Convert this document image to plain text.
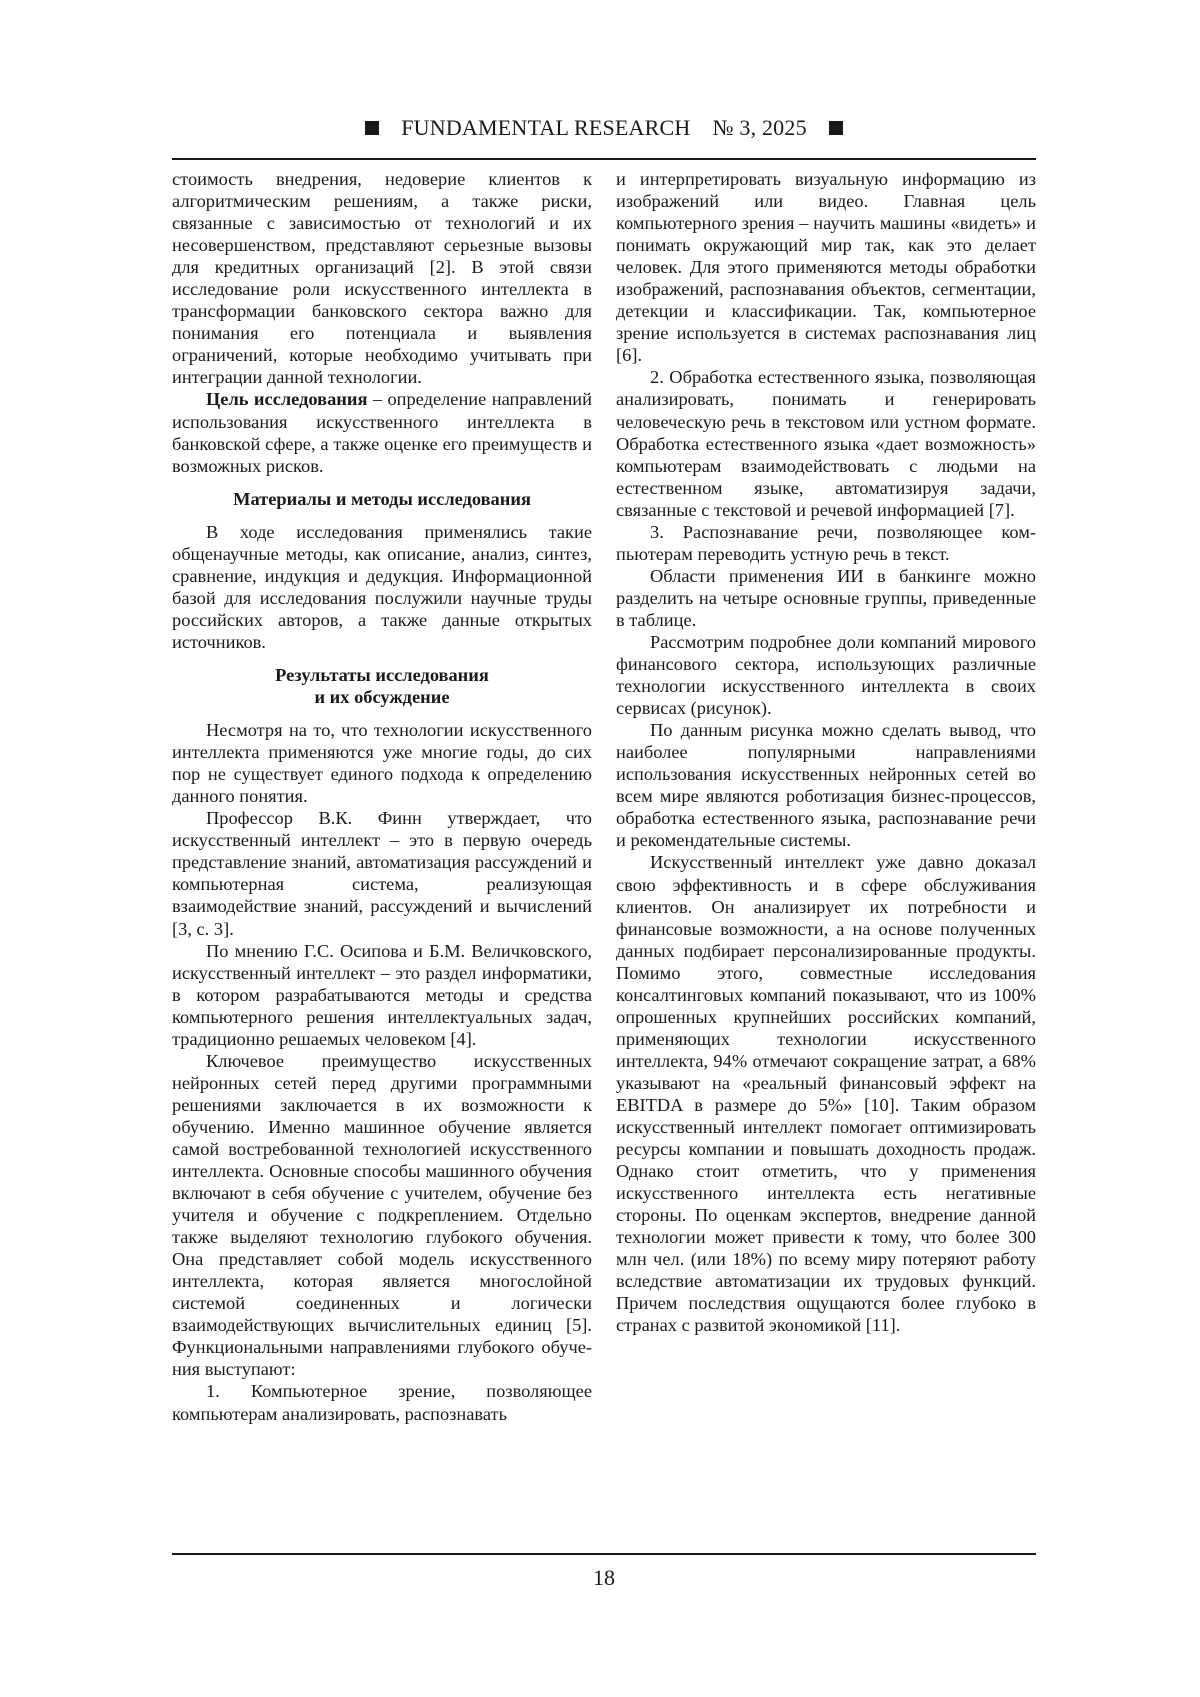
FUNDAMENTAL RESEARCH № 3, 2025

стоимость внедрения, недоверие клиентов к алгоритмическим решениям, а также риски, связанные с зависимостью от технологий и их несовершенством, представляют серьезные вызовы для кредитных организаций [2]. В этой связи исследование роли искусственного интеллекта в трансформации банковского сектора важно для понимания его потенциала и выявления ограничений, которые необходимо учитывать при интеграции данной технологии.

Цель исследования – определение направлений использования искусственного интеллекта в банковской сфере, а также оценке его преимуществ и возможных рисков.

Материалы и методы исследования

В ходе исследования применялись такие общенаучные методы, как описание, анализ, синтез, сравнение, индукция и дедукция. Информационной базой для исследования послужили научные труды российских авторов, а также данные открытых источников.

Результаты исследования
и их обсуждение

Несмотря на то, что технологии искусственного интеллекта применяются уже многие годы, до сих пор не существует единого подхода к определению данного понятия.

Профессор В.К. Финн утверждает, что искусственный интеллект – это в первую очередь представление знаний, автоматизация рассуждений и компьютерная система, реализующая взаимодействие знаний, рассуждений и вычислений [3, с. 3].

По мнению Г.С. Осипова и Б.М. Величковского, искусственный интеллект – это раздел информатики, в котором разрабатываются методы и средства компьютерного решения интеллектуальных задач, традиционно решаемых человеком [4].

Ключевое преимущество искусственных нейронных сетей перед другими программными решениями заключается в их возможности к обучению. Именно машинное обучение является самой востребованной технологией искусственного интеллекта. Основные способы машинного обучения включают в себя обучение с учителем, обучение без учителя и обучение с подкреплением. Отдельно также выделяют технологию глубокого обучения. Она представляет собой модель искусственного интеллекта, которая является многослойной системой соединенных и логически взаимодействующих вычислительных единиц [5]. Функциональными направлениями глубокого обучения выступают:

1. Компьютерное зрение, позволяющее компьютерам анализировать, распознавать

и интерпретировать визуальную информацию из изображений или видео. Главная цель компьютерного зрения – научить машины «видеть» и понимать окружающий мир так, как это делает человек. Для этого применяются методы обработки изображений, распознавания объектов, сегментации, детекции и классификации. Так, компьютерное зрение используется в системах распознавания лиц [6].

2. Обработка естественного языка, позволяющая анализировать, понимать и генерировать человеческую речь в текстовом или устном формате. Обработка естественного языка «дает возможность» компьютерам взаимодействовать с людьми на естественном языке, автоматизируя задачи, связанные с текстовой и речевой информацией [7].

3. Распознавание речи, позволяющее компьютерам переводить устную речь в текст.

Области применения ИИ в банкинге можно разделить на четыре основные группы, приведенные в таблице.

Рассмотрим подробнее доли компаний мирового финансового сектора, использующих различные технологии искусственного интеллекта в своих сервисах (рисунок).

По данным рисунка можно сделать вывод, что наиболее популярными направлениями использования искусственных нейронных сетей во всем мире являются роботизация бизнес-процессов, обработка естественного языка, распознавание речи и рекомендательные системы.

Искусственный интеллект уже давно доказал свою эффективность и в сфере обслуживания клиентов. Он анализирует их потребности и финансовые возможности, а на основе полученных данных подбирает персонализированные продукты. Помимо этого, совместные исследования консалтинговых компаний показывают, что из 100% опрошенных крупнейших российских компаний, применяющих технологии искусственного интеллекта, 94% отмечают сокращение затрат, а 68% указывают на «реальный финансовый эффект на EBITDA в размере до 5%» [10]. Таким образом искусственный интеллект помогает оптимизировать ресурсы компании и повышать доходность продаж. Однако стоит отметить, что у применения искусственного интеллекта есть негативные стороны. По оценкам экспертов, внедрение данной технологии может привести к тому, что более 300 млн чел. (или 18%) по всему миру потеряют работу вследствие автоматизации их трудовых функций. Причем последствия ощущаются более глубоко в странах с развитой экономикой [11].

18
